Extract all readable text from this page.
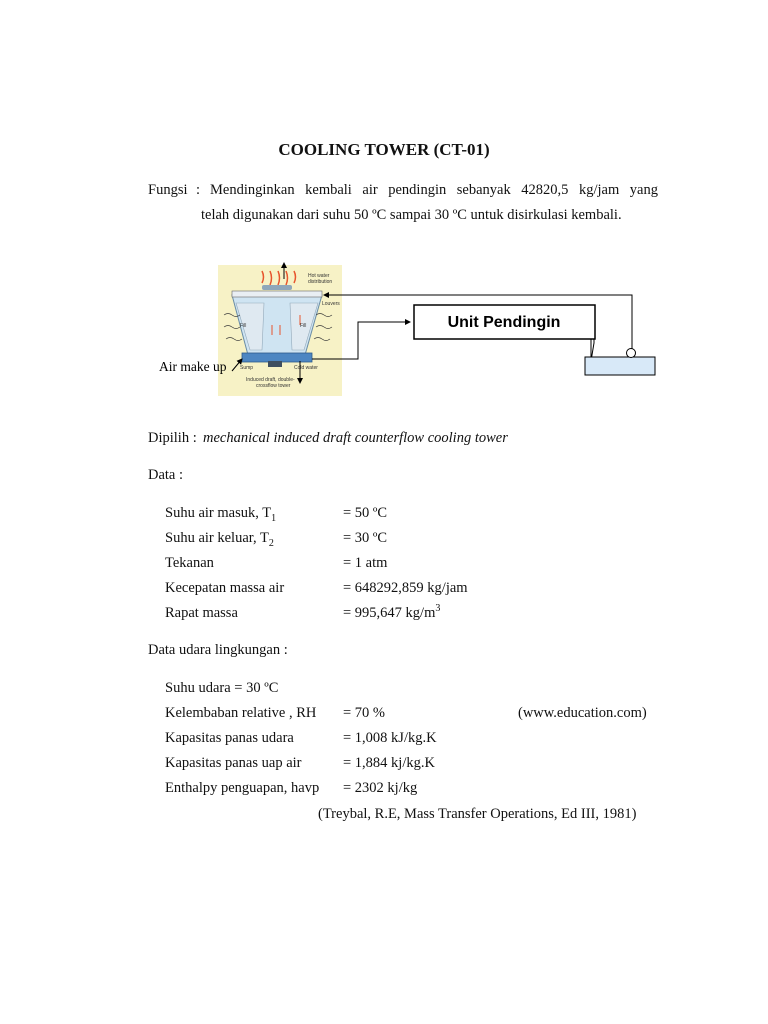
COOLING TOWER (CT-01)
Fungsi : Mendinginkan kembali air pendingin sebanyak 42820,5 kg/jam yang
telah digunakan dari suhu 50 ºC sampai 30 ºC untuk disirkulasi kembali.
Hot water
distribution
Louvers
Fill	Fill
Sump	Cold water
Induced draft, double-
crossflow tower
Unit Pendingin
Air make up
Dipilih : mechanical induced draft counterflow cooling tower
Data :
Suhu air masuk, $T_1$	= 50 ºC
Suhu air keluar, $T_2$	= 30 ºC
Tekanan	= 1 atm
Kecepatan massa air	= 648292,859 kg/jam
Rapat massa	= 995,647 $kg/m^3$
Data udara lingkungan :
Suhu udara = 30 ºC
Kelembaban relative , RH = 70 %	(www.education.com)
Kapasitas panas udara	= 1,008 kJ/kg.K
Kapasitas panas uap air	= 1,884 kj/kg.K
Enthalpy penguapan, havp = 2302 kj/kg
(Treybal, R.E, Mass Transfer Operations, Ed III, 1981)
